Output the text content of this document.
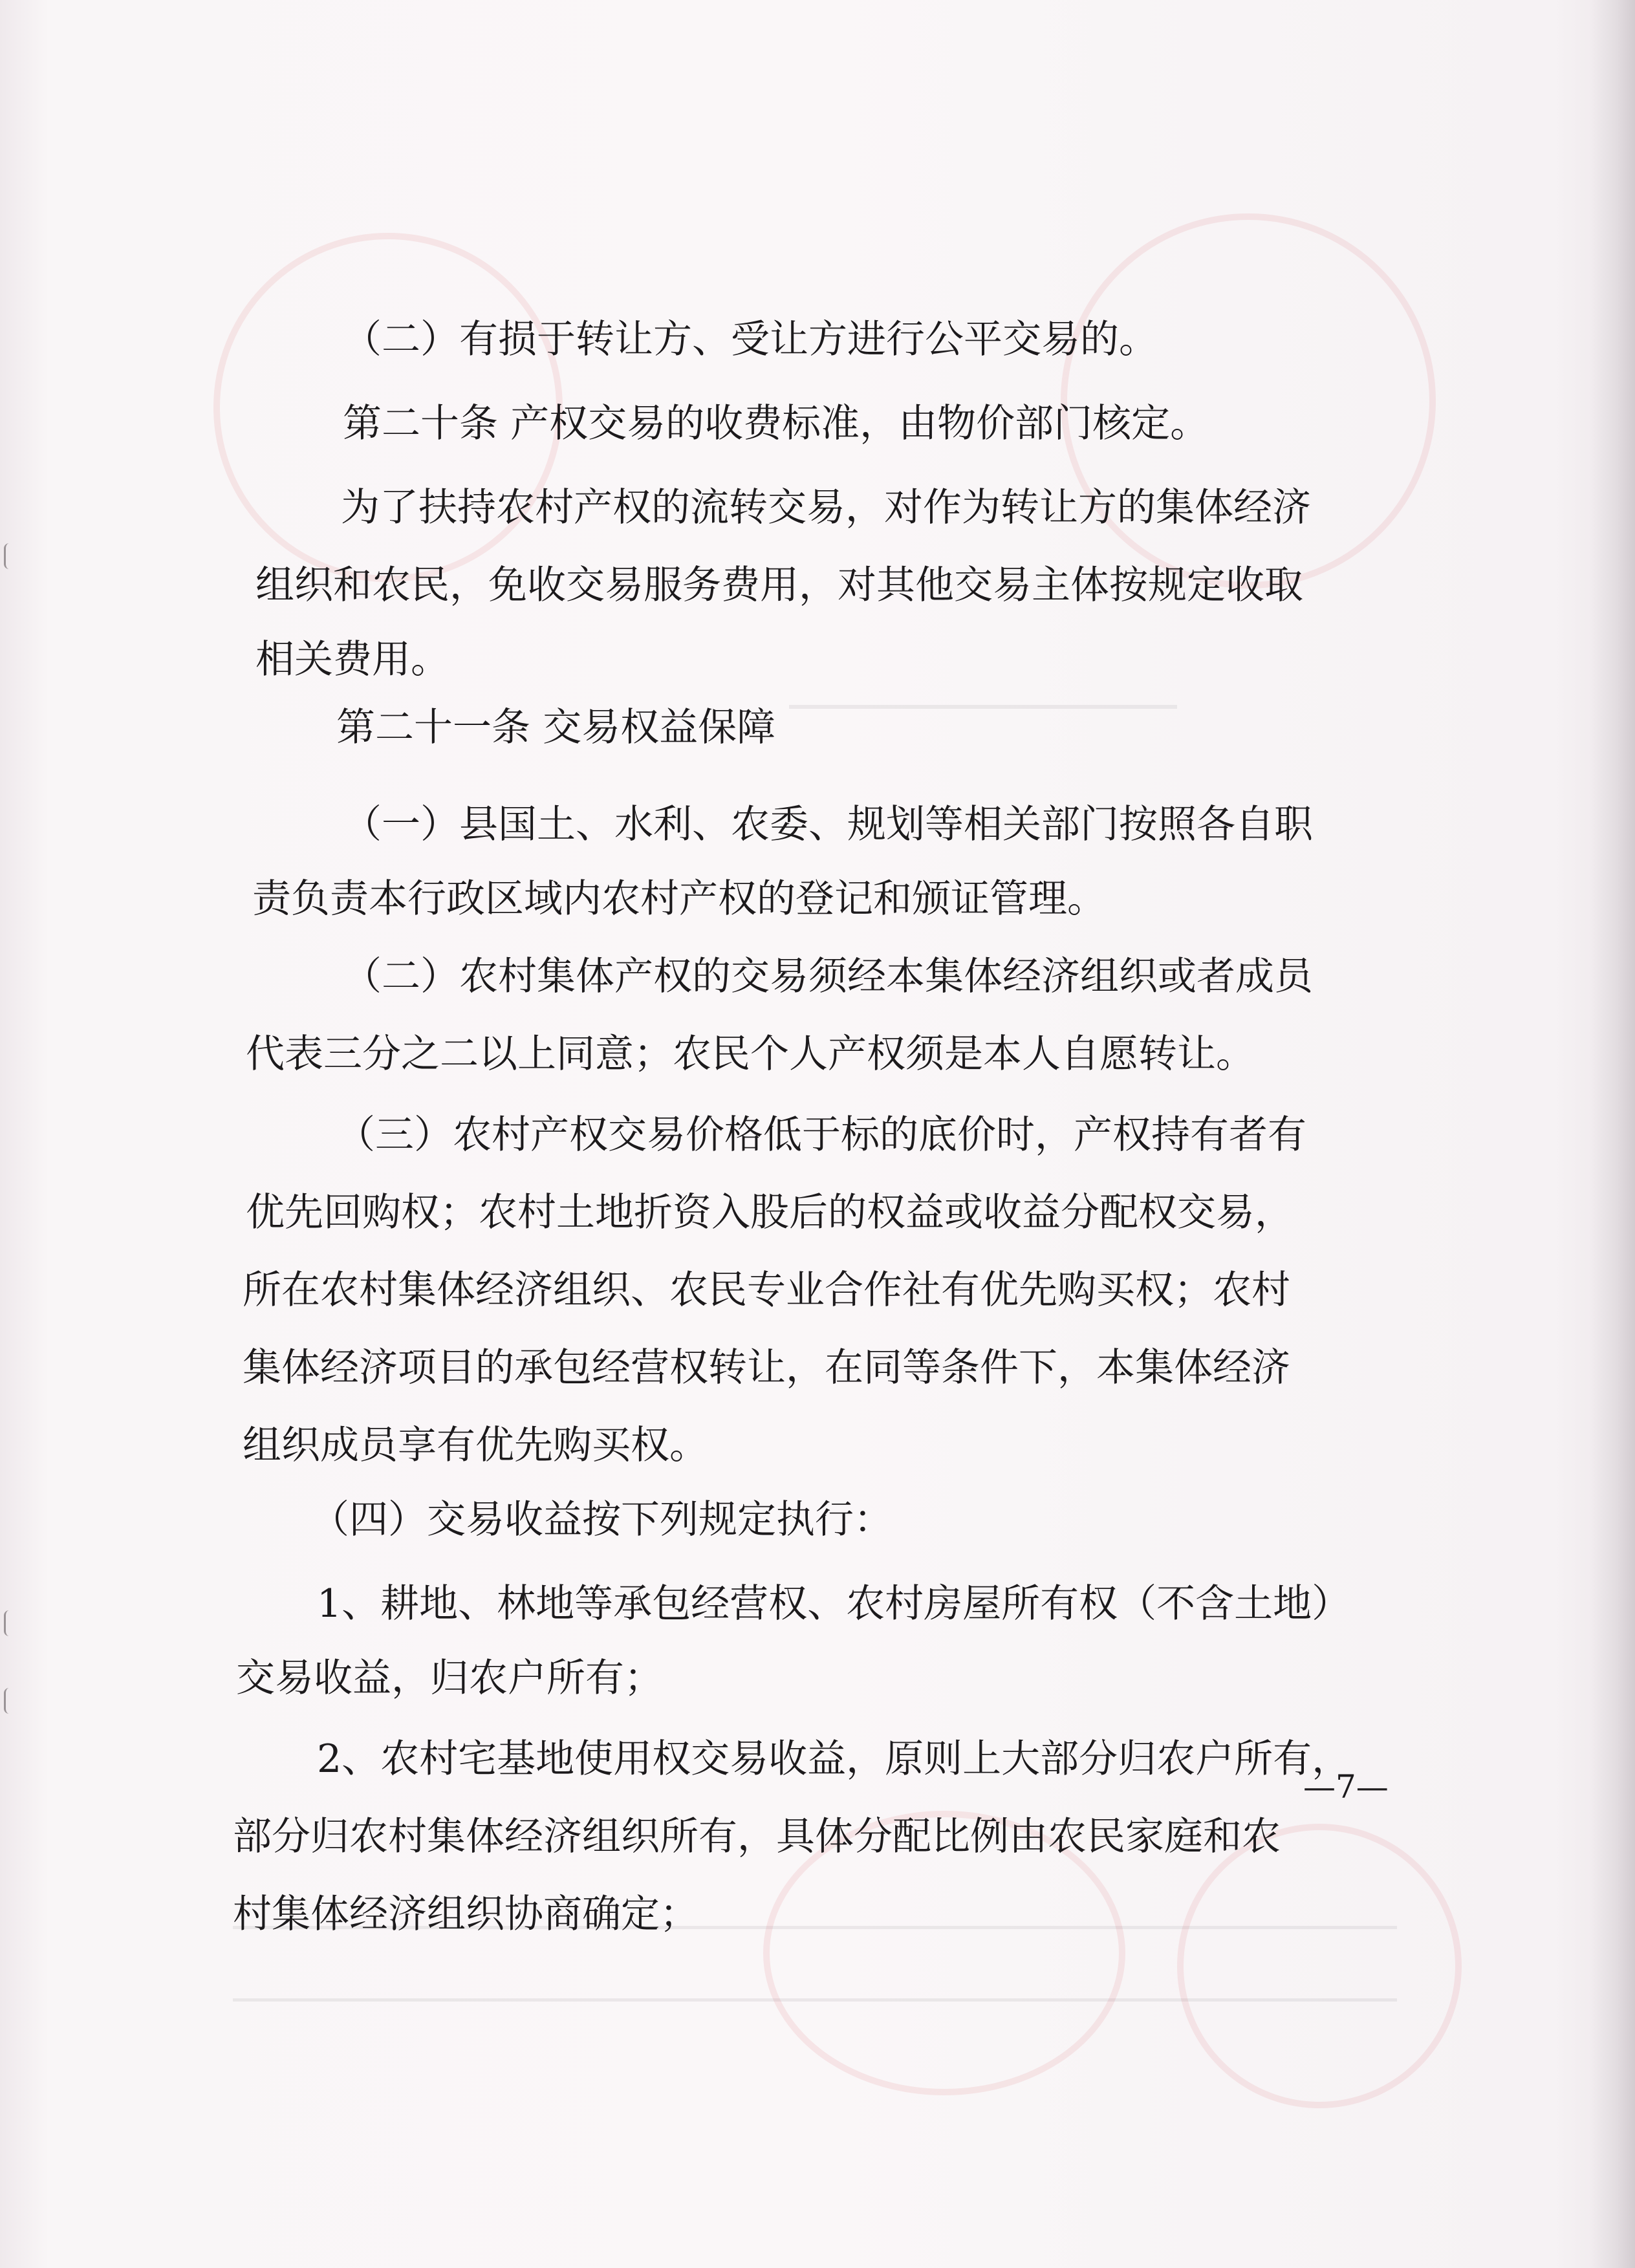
（二）有损于转让方、受让方进行公平交易的。
第二十条 产权交易的收费标准，由物价部门核定。
为了扶持农村产权的流转交易，对作为转让方的集体经济
组织和农民，免收交易服务费用，对其他交易主体按规定收取
相关费用。
第二十一条 交易权益保障
（一）县国土、水利、农委、规划等相关部门按照各自职
责负责本行政区域内农村产权的登记和颁证管理。
（二）农村集体产权的交易须经本集体经济组织或者成员
代表三分之二以上同意；农民个人产权须是本人自愿转让。
（三）农村产权交易价格低于标的底价时，产权持有者有
优先回购权；农村土地折资入股后的权益或收益分配权交易，
所在农村集体经济组织、农民专业合作社有优先购买权；农村
集体经济项目的承包经营权转让，在同等条件下，本集体经济
组织成员享有优先购买权。
（四）交易收益按下列规定执行：
1、耕地、林地等承包经营权、农村房屋所有权（不含土地）
交易收益，归农户所有；
2、农村宅基地使用权交易收益，原则上大部分归农户所有，
部分归农村集体经济组织所有，具体分配比例由农民家庭和农
村集体经济组织协商确定；
—7—
